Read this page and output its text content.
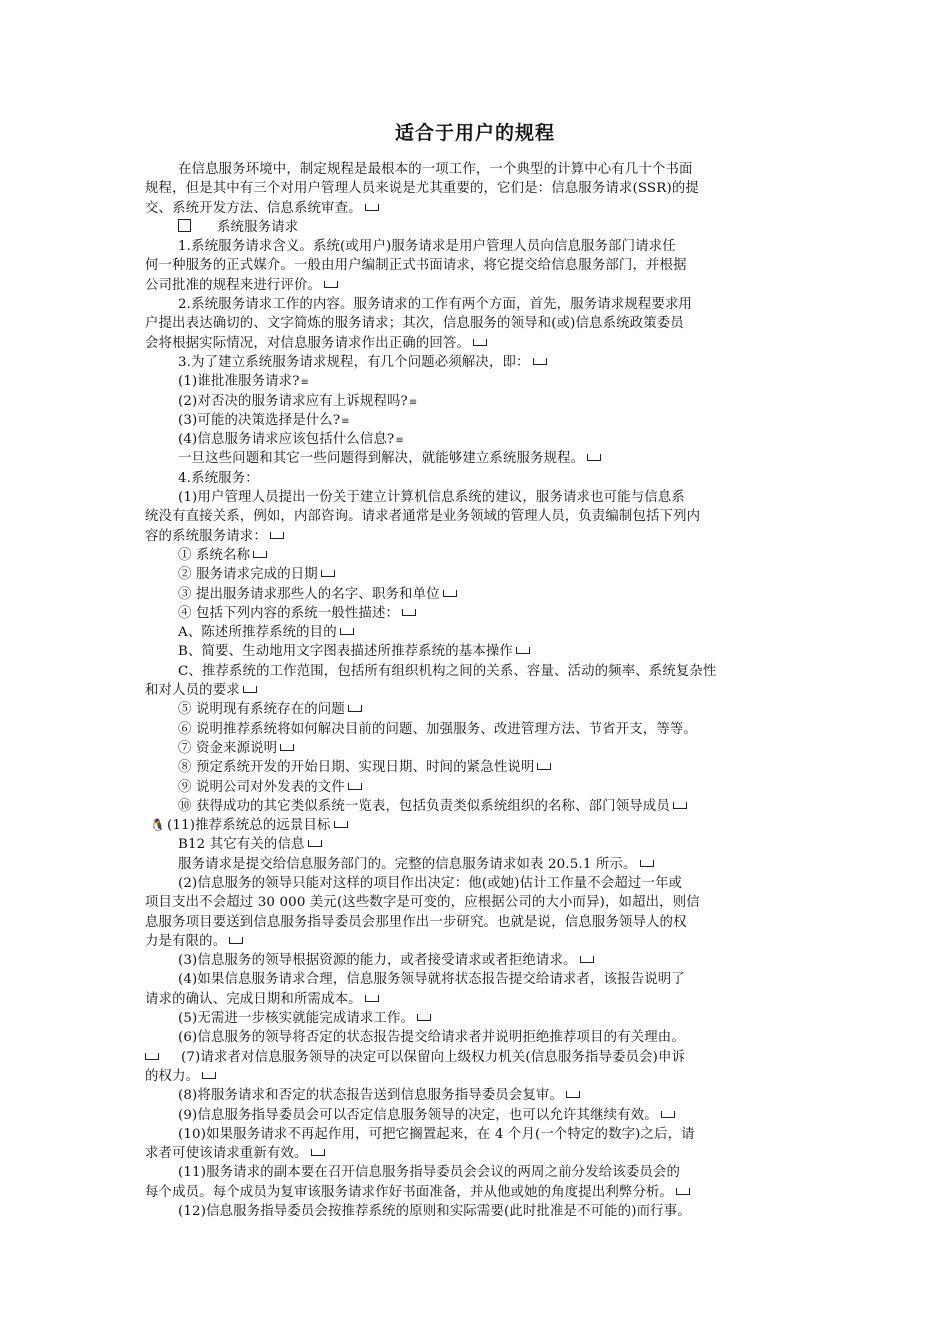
适合于用户的规程
在信息服务环境中，制定规程是最根本的一项工作，一个典型的计算中心有几十个书面
规程，但是其中有三个对用户管理人员来说是尤其重要的，它们是：信息服务请求(SSR)的提
交、系统开发方法、信息系统审查。
系统服务请求
1.系统服务请求含义。系统(或用户)服务请求是用户管理人员向信息服务部门请求任
何一种服务的正式媒介。一般由用户编制正式书面请求，将它提交给信息服务部门，并根据
公司批准的规程来进行评价。
2.系统服务请求工作的内容。服务请求的工作有两个方面，首先，服务请求规程要求用
户提出表达确切的、文字简炼的服务请求；其次，信息服务的领导和(或)信息系统政策委员
会将根据实际情况，对信息服务请求作出正确的回答。
3.为了建立系统服务请求规程，有几个问题必须解决，即：
(1)谁批准服务请求?≡
(2)对否决的服务请求应有上诉规程吗?≡
(3)可能的决策选择是什么?≡
(4)信息服务请求应该包括什么信息?≡
一旦这些问题和其它一些问题得到解决，就能够建立系统服务规程。
4.系统服务：
(1)用户管理人员提出一份关于建立计算机信息系统的建议，服务请求也可能与信息系
统没有直接关系，例如，内部咨询。请求者通常是业务领域的管理人员，负责编制包括下列内
容的系统服务请求：
① 系统名称
② 服务请求完成的日期
③ 提出服务请求那些人的名字、职务和单位
④ 包括下列内容的系统一般性描述：
A、陈述所推荐系统的目的
B、简要、生动地用文字图表描述所推荐系统的基本操作
C、推荐系统的工作范围，包括所有组织机构之间的关系、容量、活动的频率、系统复杂性
和对人员的要求
⑤ 说明现有系统存在的问题
⑥ 说明推荐系统将如何解决目前的问题、加强服务、改进管理方法、节省开支，等等。
⑦ 资金来源说明
⑧ 预定系统开发的开始日期、实现日期、时间的紧急性说明
⑨ 说明公司对外发表的文件
⑩ 获得成功的其它类似系统一览表，包括负责类似系统组织的名称、部门领导成员
🐧 (11)推荐系统总的远景目标
B12 其它有关的信息
服务请求是提交给信息服务部门的。完整的信息服务请求如表 20.5.1 所示。
(2)信息服务的领导只能对这样的项目作出决定：他(或她)估计工作量不会超过一年或
项目支出不会超过 30 000 美元(这些数字是可变的，应根据公司的大小而异)，如超出，则信
息服务项目要送到信息服务指导委员会那里作出一步研究。也就是说，信息服务领导人的权
力是有限的。
(3)信息服务的领导根据资源的能力，或者接受请求或者拒绝请求。
(4)如果信息服务请求合理，信息服务领导就将状态报告提交给请求者，该报告说明了
请求的确认、完成日期和所需成本。
(5)无需进一步核实就能完成请求工作。
(6)信息服务的领导将否定的状态报告提交给请求者并说明拒绝推荐项目的有关理由。
(7)请求者对信息服务领导的决定可以保留向上级权力机关(信息服务指导委员会)申诉
的权力。
(8)将服务请求和否定的状态报告送到信息服务指导委员会复审。
(9)信息服务指导委员会可以否定信息服务领导的决定，也可以允许其继续有效。
(10)如果服务请求不再起作用，可把它搁置起来，在 4 个月(一个特定的数字)之后，请
求者可使该请求重新有效。
(11)服务请求的副本要在召开信息服务指导委员会会议的两周之前分发给该委员会的
每个成员。每个成员为复审该服务请求作好书面准备，并从他或她的角度提出利弊分析。
(12)信息服务指导委员会按推荐系统的原则和实际需要(此时批准是不可能的)而行事。
